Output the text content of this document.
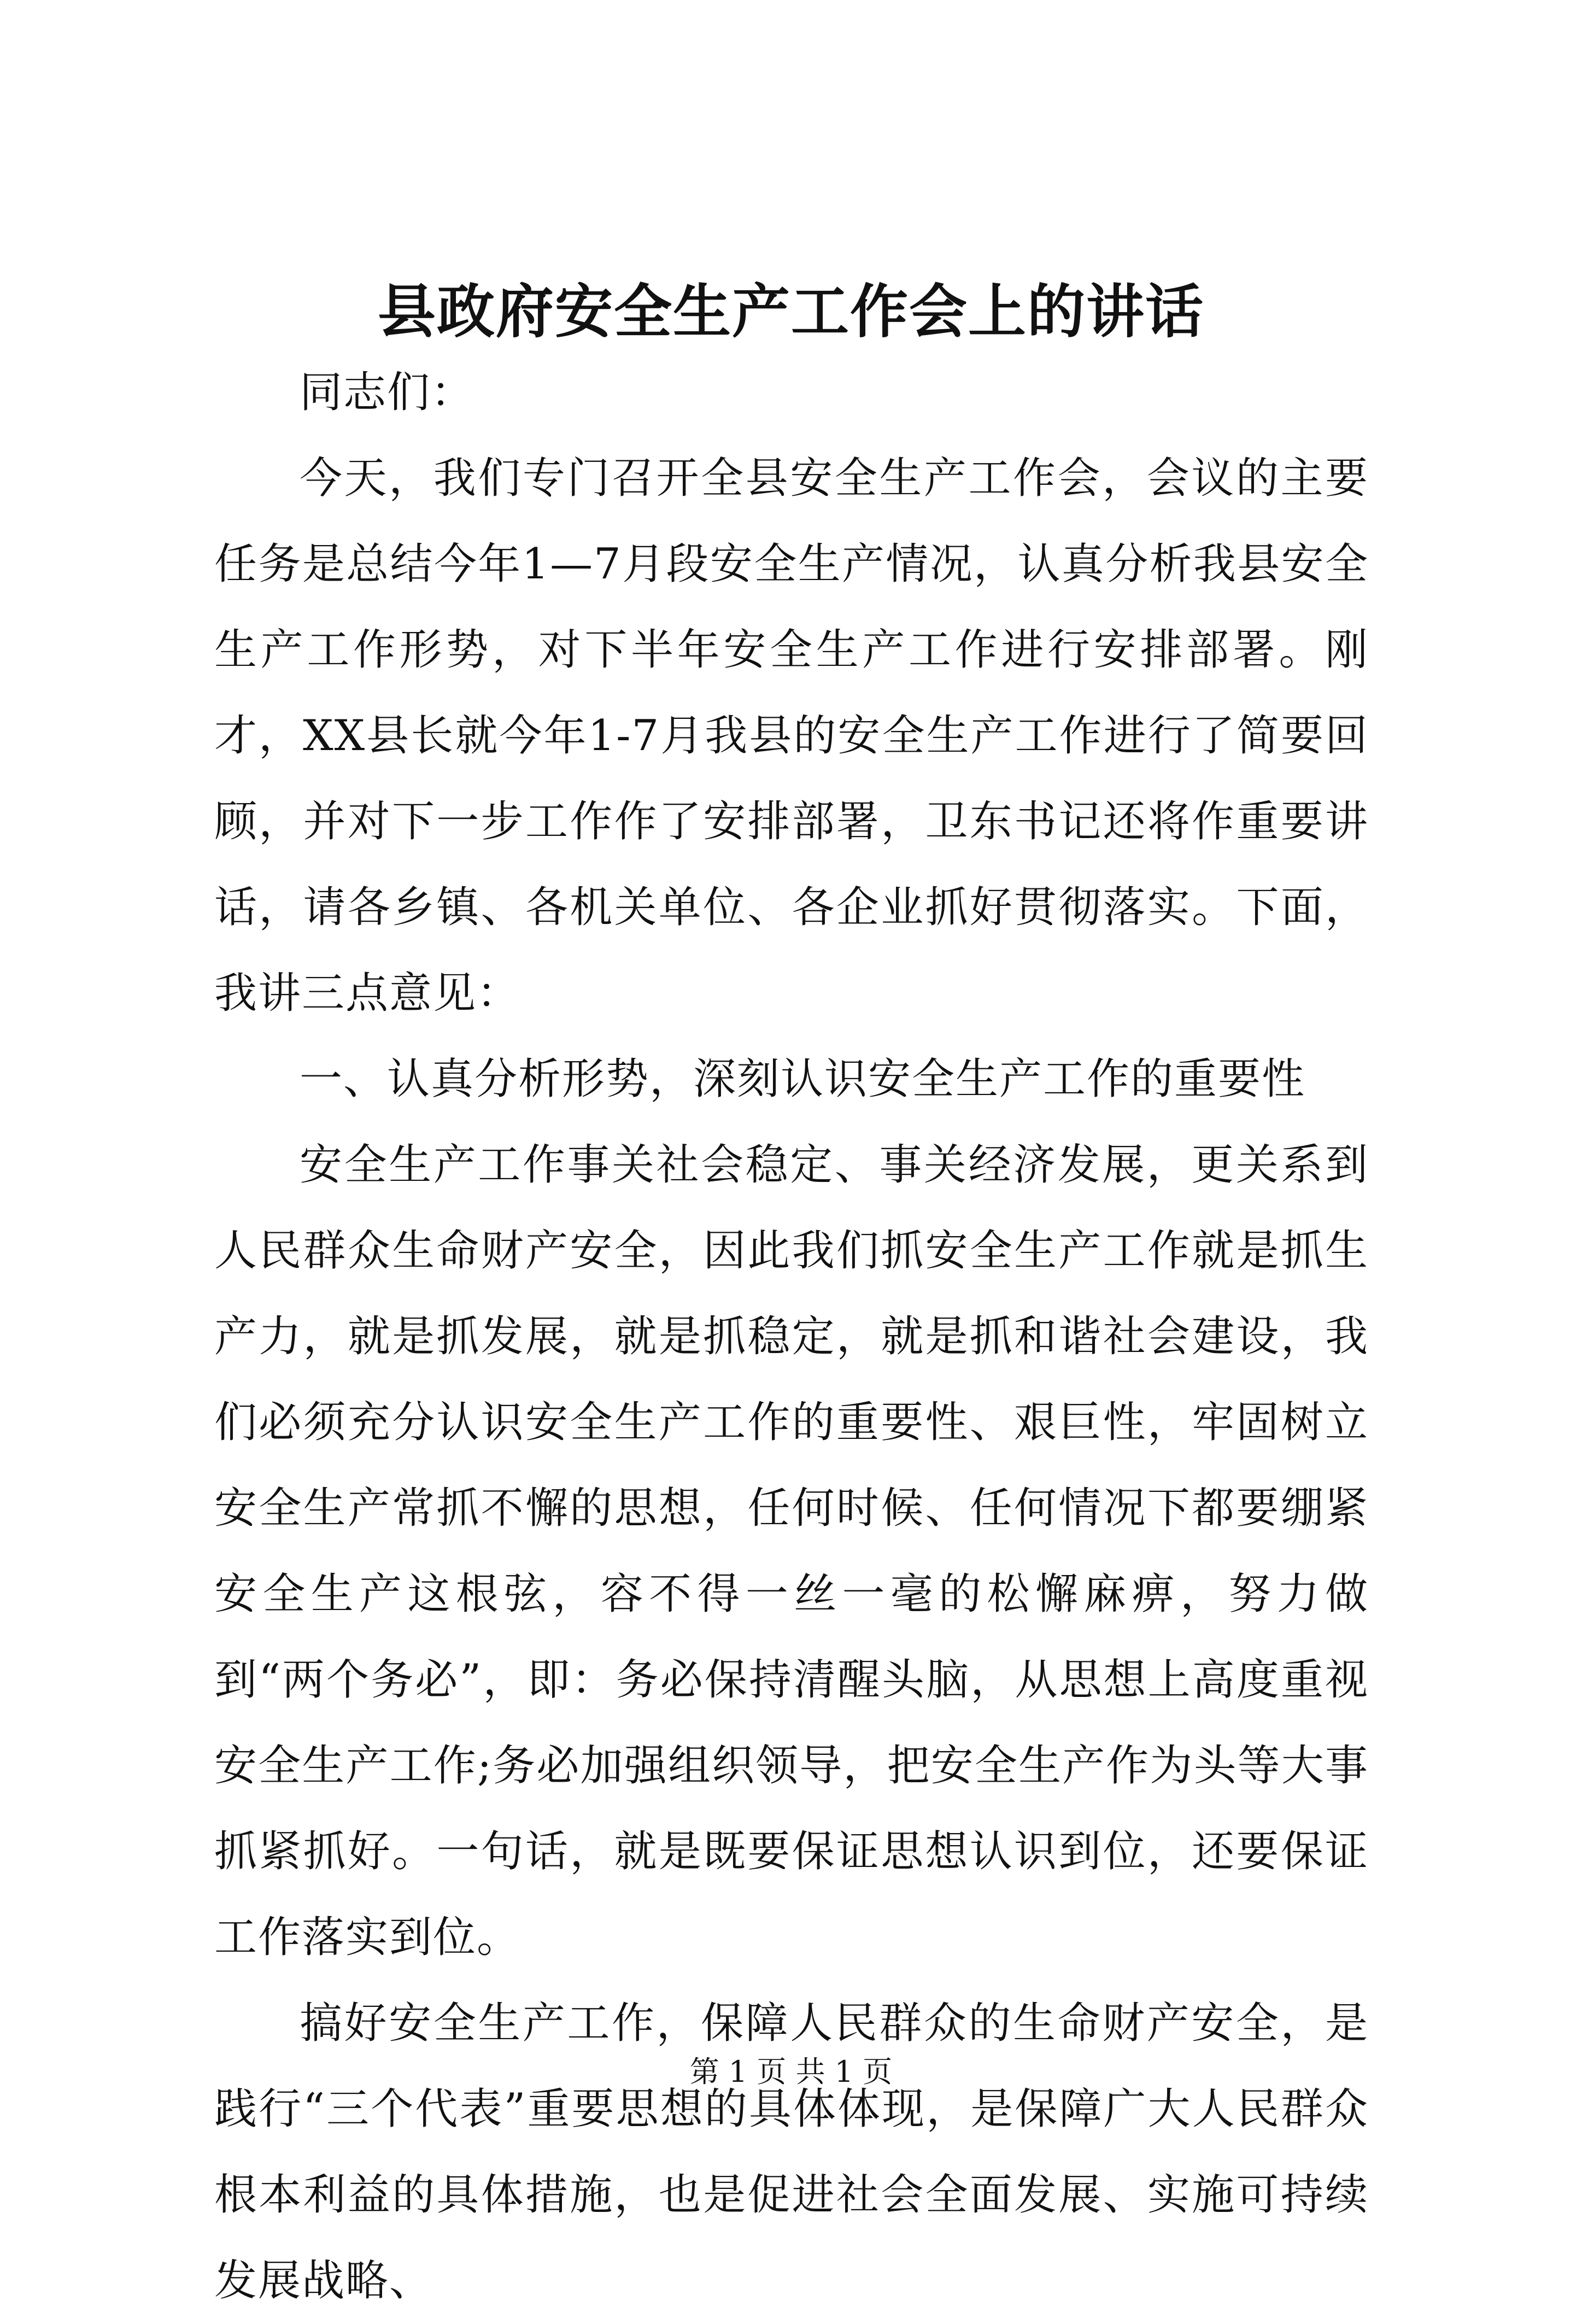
县政府安全生产工作会上的讲话

同志们：

今天，我们专门召开全县安全生产工作会，会议的主要任务是总结今年1—7月段安全生产情况，认真分析我县安全生产工作形势，对下半年安全生产工作进行安排部署。刚才，XX县长就今年1-7月我县的安全生产工作进行了简要回顾，并对下一步工作作了安排部署，卫东书记还将作重要讲话，请各乡镇、各机关单位、各企业抓好贯彻落实。下面，我讲三点意见：

一、认真分析形势，深刻认识安全生产工作的重要性

安全生产工作事关社会稳定、事关经济发展，更关系到人民群众生命财产安全，因此我们抓安全生产工作就是抓生产力，就是抓发展，就是抓稳定，就是抓和谐社会建设，我们必须充分认识安全生产工作的重要性、艰巨性，牢固树立安全生产常抓不懈的思想，任何时候、任何情况下都要绷紧安全生产这根弦，容不得一丝一毫的松懈麻痹，努力做到“两个务必”，即：务必保持清醒头脑，从思想上高度重视安全生产工作;务必加强组织领导，把安全生产作为头等大事抓紧抓好。一句话，就是既要保证思想认识到位，还要保证工作落实到位。

搞好安全生产工作，保障人民群众的生命财产安全，是践行“三个代表”重要思想的具体体现，是保障广大人民群众根本利益的具体措施，也是促进社会全面发展、实施可持续发展战略、

第 1 页 共 1 页
